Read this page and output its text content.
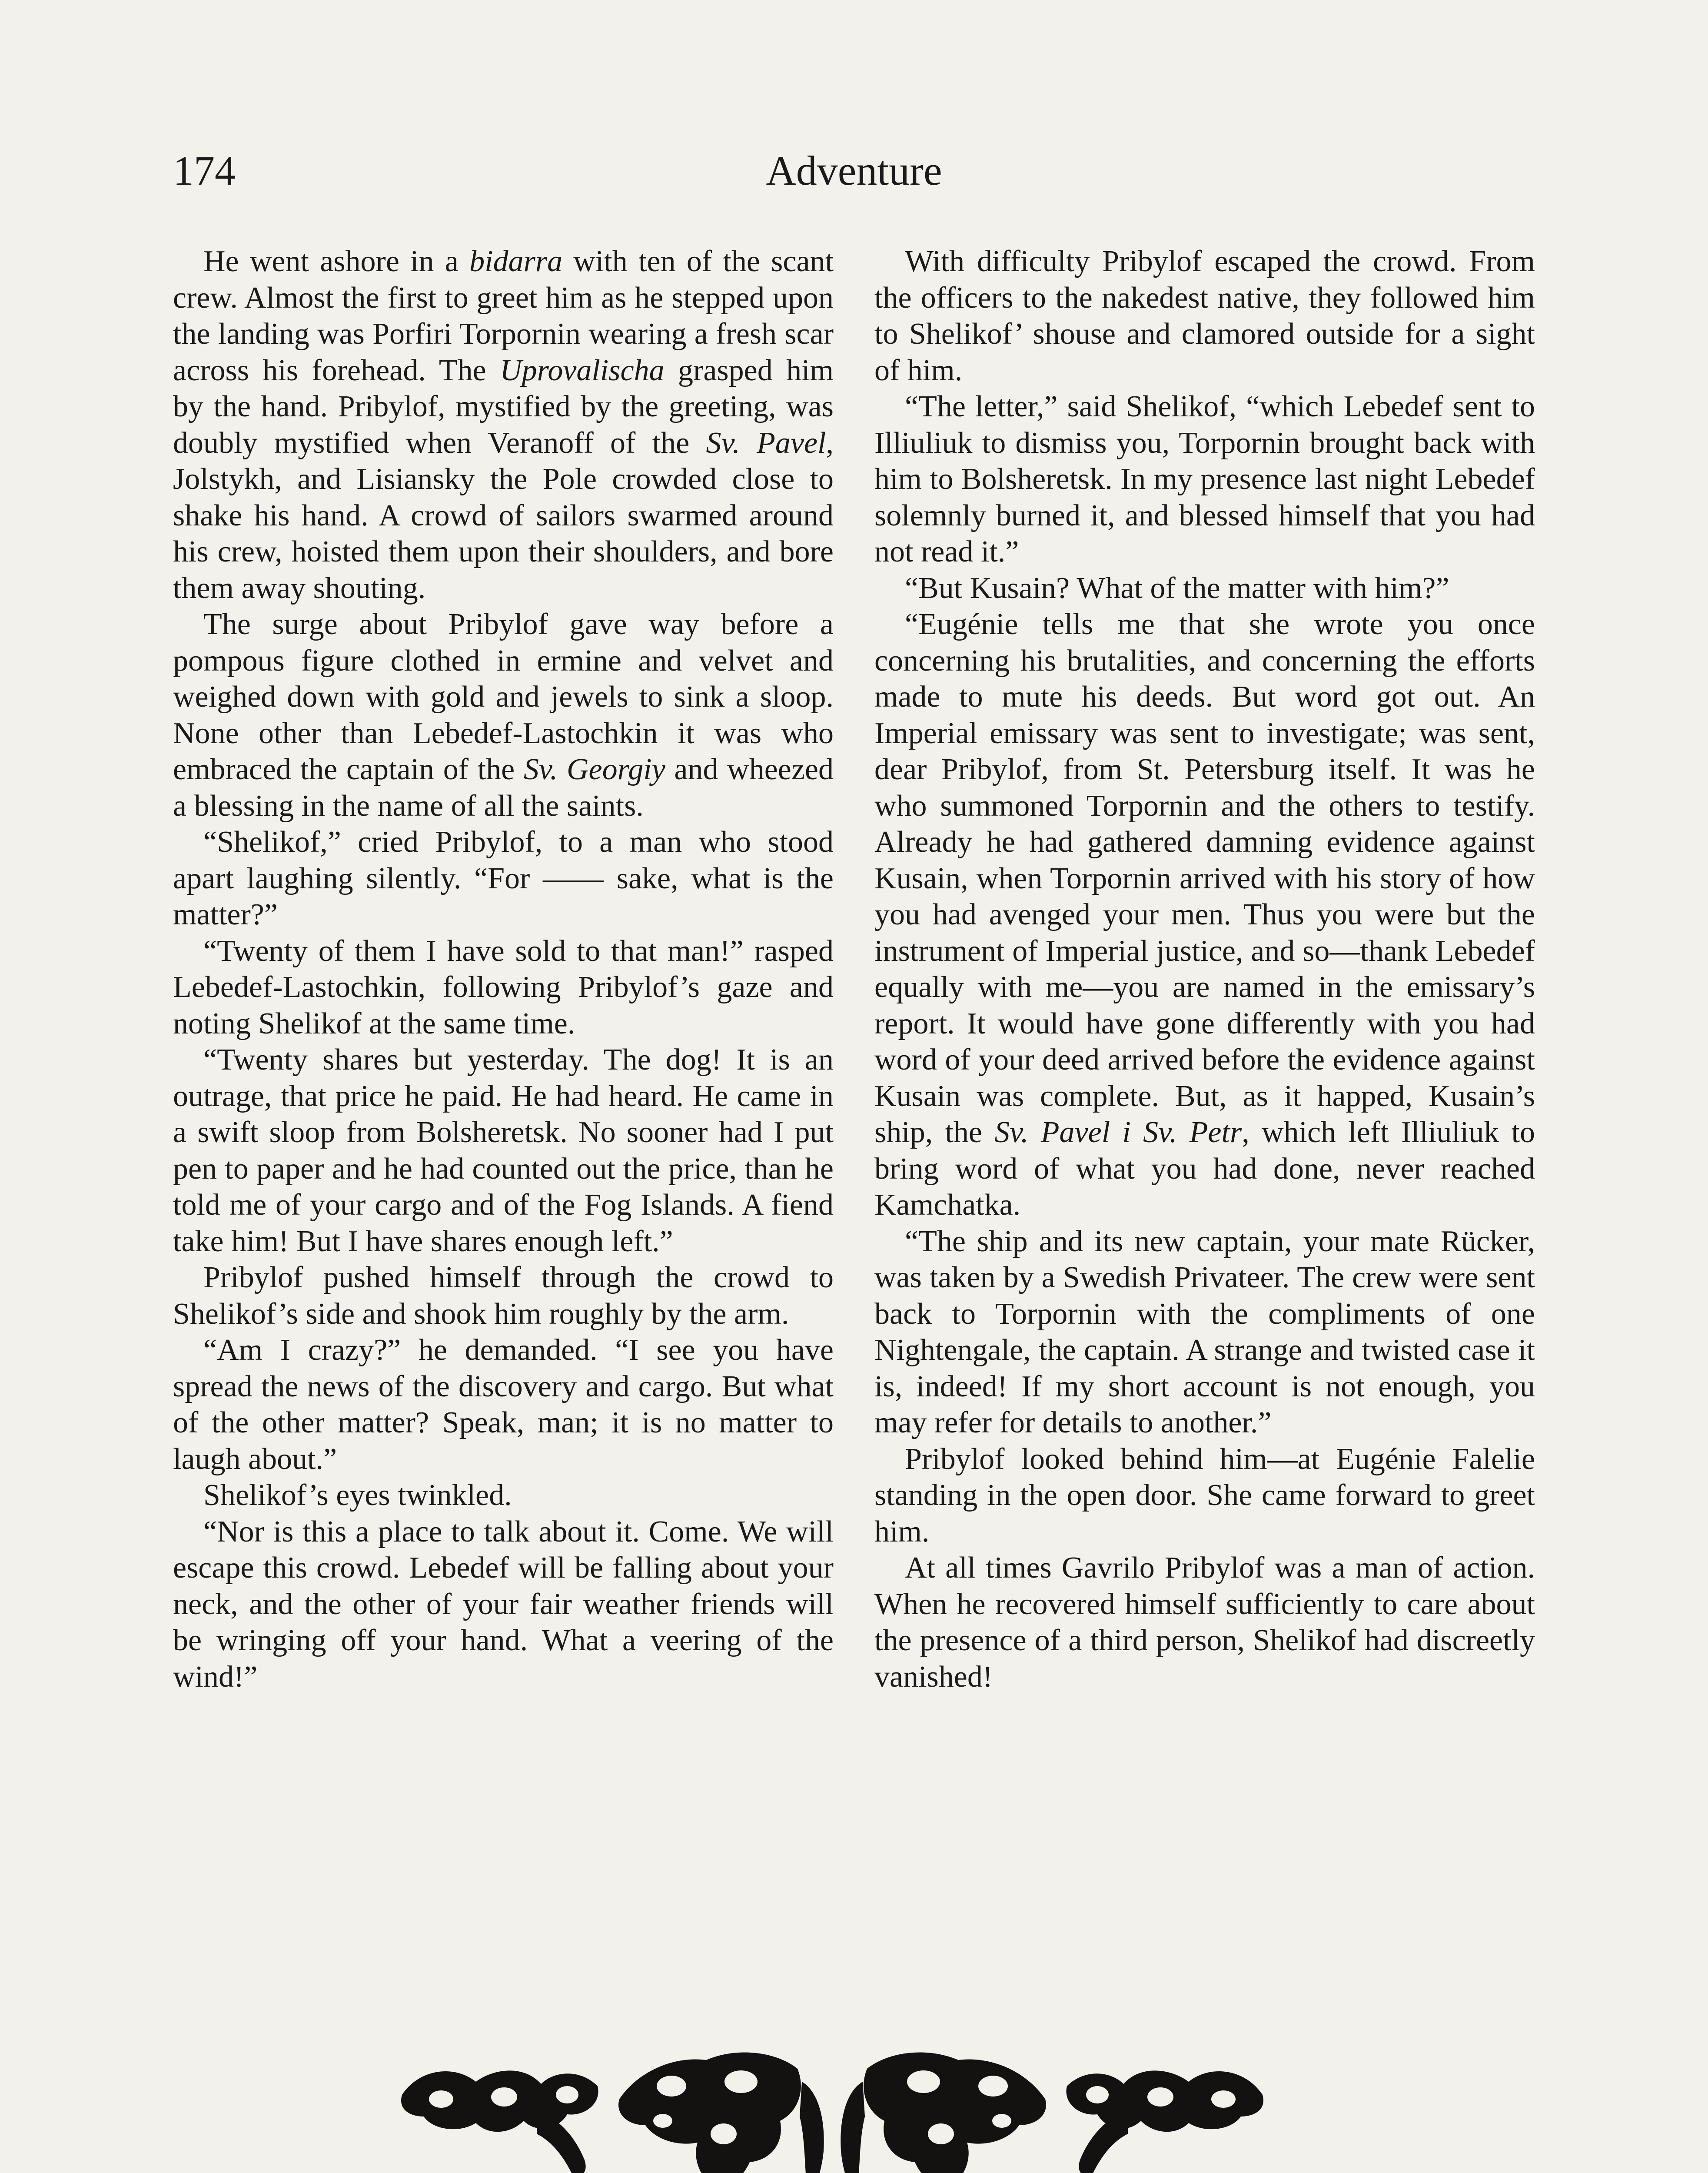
174	Adventure

He went ashore in a bidarra with ten of the scant crew. Almost the first to greet him as he stepped upon the landing was Porfiri Torpornin wearing a fresh scar across his forehead. The Uprovalischa grasped him by the hand. Pribylof, mystified by the greeting, was doubly mystified when Veranoff of the Sv. Pavel, Jolstykh, and Lisiansky the Pole crowded close to shake his hand. A crowd of sailors swarmed around his crew, hoisted them upon their shoulders, and bore them away shouting.

The surge about Pribylof gave way before a pompous figure clothed in ermine and velvet and weighed down with gold and jewels to sink a sloop. None other than Lebedef-Lastochkin it was who embraced the captain of the Sv. Georgiy and wheezed a blessing in the name of all the saints.

“Shelikof,” cried Pribylof, to a man who stood apart laughing silently. “For —— sake, what is the matter?”

“Twenty of them I have sold to that man!” rasped Lebedef-Lastochkin, following Pribylof’s gaze and noting Shelikof at the same time.

“Twenty shares but yesterday. The dog! It is an outrage, that price he paid. He had heard. He came in a swift sloop from Bolsheretsk. No sooner had I put pen to paper and he had counted out the price, than he told me of your cargo and of the Fog Islands. A fiend take him! But I have shares enough left.”

Pribylof pushed himself through the crowd to Shelikof’s side and shook him roughly by the arm.

“Am I crazy?” he demanded. “I see you have spread the news of the discovery and cargo. But what of the other matter? Speak, man; it is no matter to laugh about.”

Shelikof’s eyes twinkled.

“Nor is this a place to talk about it. Come. We will escape this crowd. Lebedef will be falling about your neck, and the other of your fair weather friends will be wringing off your hand. What a veering of the wind!”

With difficulty Pribylof escaped the crowd. From the officers to the nakedest native, they followed him to Shelikof’ shouse and clamored outside for a sight of him.

“The letter,” said Shelikof, “which Lebedef sent to Illiuliuk to dismiss you, Torpornin brought back with him to Bolsheretsk. In my presence last night Lebedef solemnly burned it, and blessed himself that you had not read it.”

“But Kusain? What of the matter with him?”

“Eugénie tells me that she wrote you once concerning his brutalities, and concerning the efforts made to mute his deeds. But word got out. An Imperial emissary was sent to investigate; was sent, dear Pribylof, from St. Petersburg itself. It was he who summoned Torpornin and the others to testify. Already he had gathered damning evidence against Kusain, when Torpornin arrived with his story of how you had avenged your men. Thus you were but the instrument of Imperial justice, and so—thank Lebedef equally with me—you are named in the emissary’s report. It would have gone differently with you had word of your deed arrived before the evidence against Kusain was complete. But, as it happed, Kusain’s ship, the Sv. Pavel i Sv. Petr, which left Illiuliuk to bring word of what you had done, never reached Kamchatka.

“The ship and its new captain, your mate Rücker, was taken by a Swedish Privateer. The crew were sent back to Torpornin with the compliments of one Nightengale, the captain. A strange and twisted case it is, indeed! If my short account is not enough, you may refer for details to another.”

Pribylof looked behind him—at Eugénie Falelie standing in the open door. She came forward to greet him.

At all times Gavrilo Pribylof was a man of action. When he recovered himself sufficiently to care about the presence of a third person, Shelikof had discreetly vanished!
